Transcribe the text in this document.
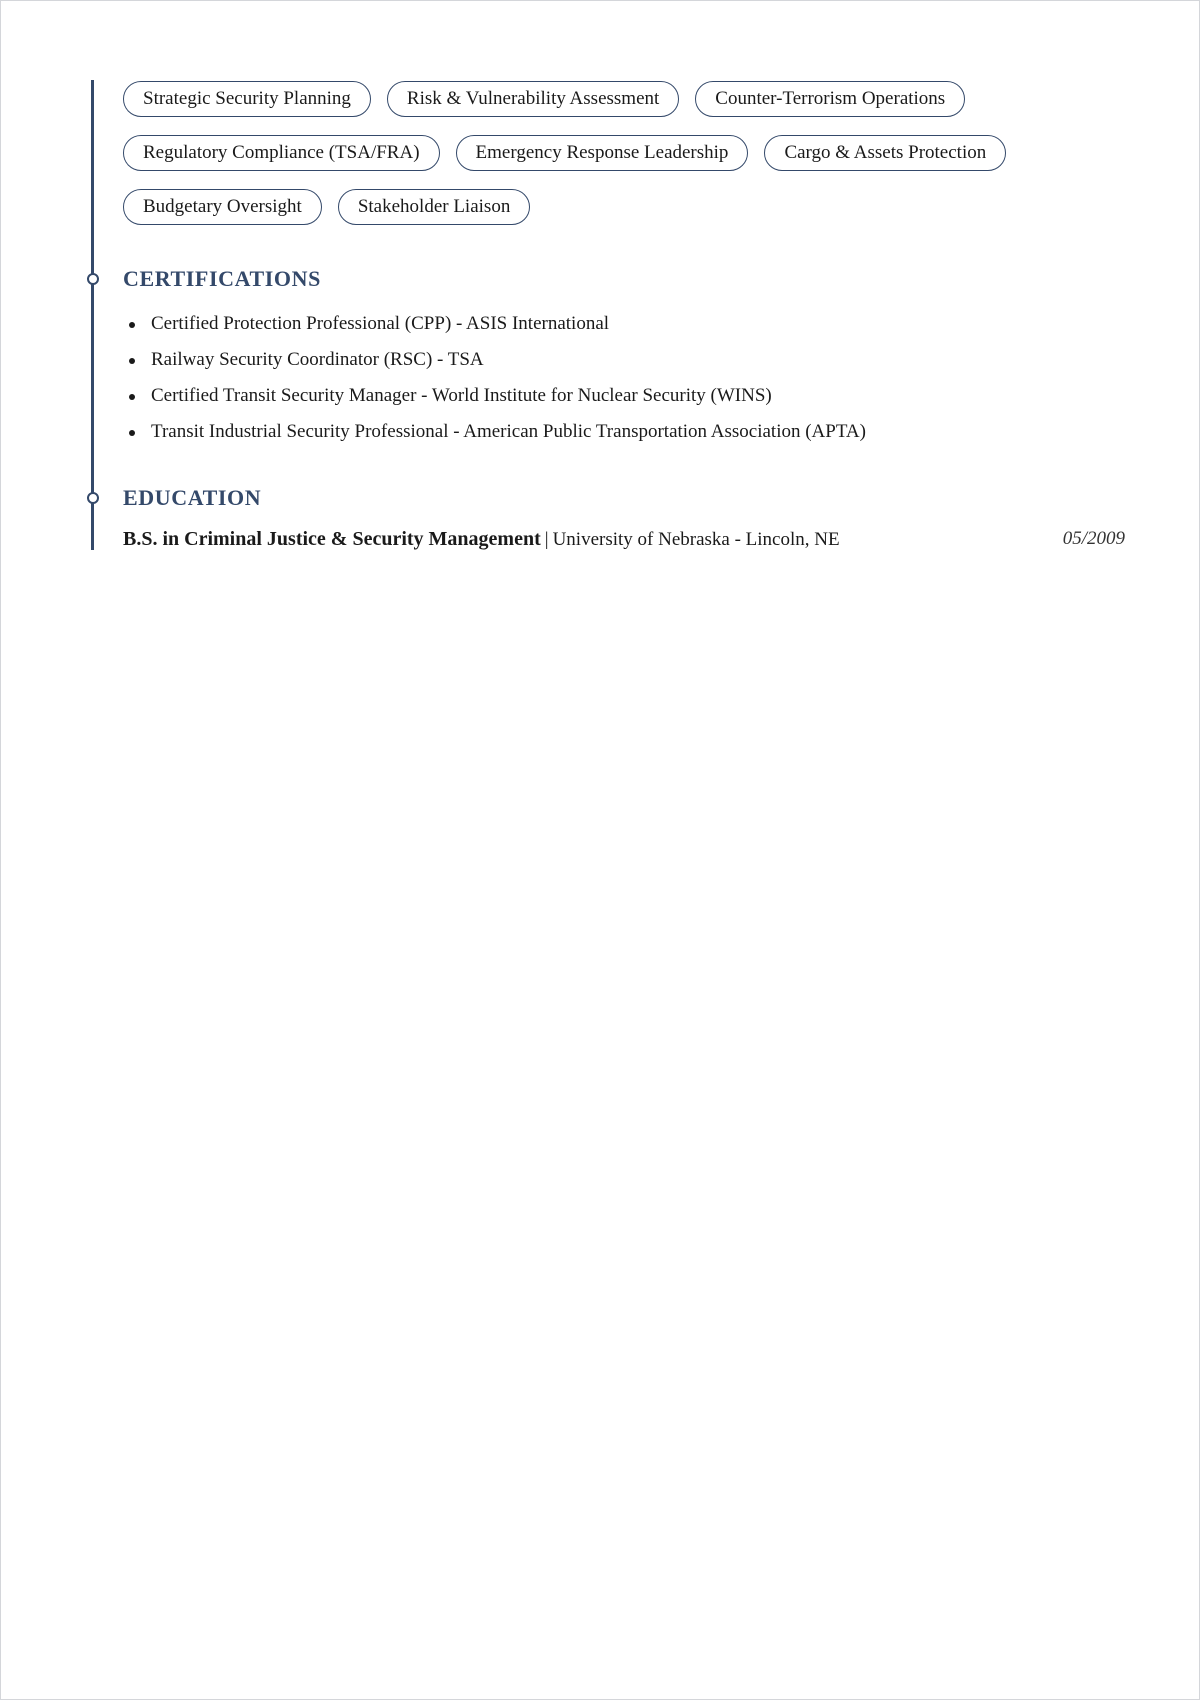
Strategic Security Planning	Risk & Vulnerability Assessment	Counter-Terrorism Operations
Regulatory Compliance (TSA/FRA)	Emergency Response Leadership	Cargo & Assets Protection
Budgetary Oversight	Stakeholder Liaison
CERTIFICATIONS
Certified Protection Professional (CPP) - ASIS International
Railway Security Coordinator (RSC) - TSA
Certified Transit Security Manager - World Institute for Nuclear Security (WINS)
Transit Industrial Security Professional - American Public Transportation Association (APTA)
EDUCATION
B.S. in Criminal Justice & Security Management | University of Nebraska - Lincoln, NE	05/2009
